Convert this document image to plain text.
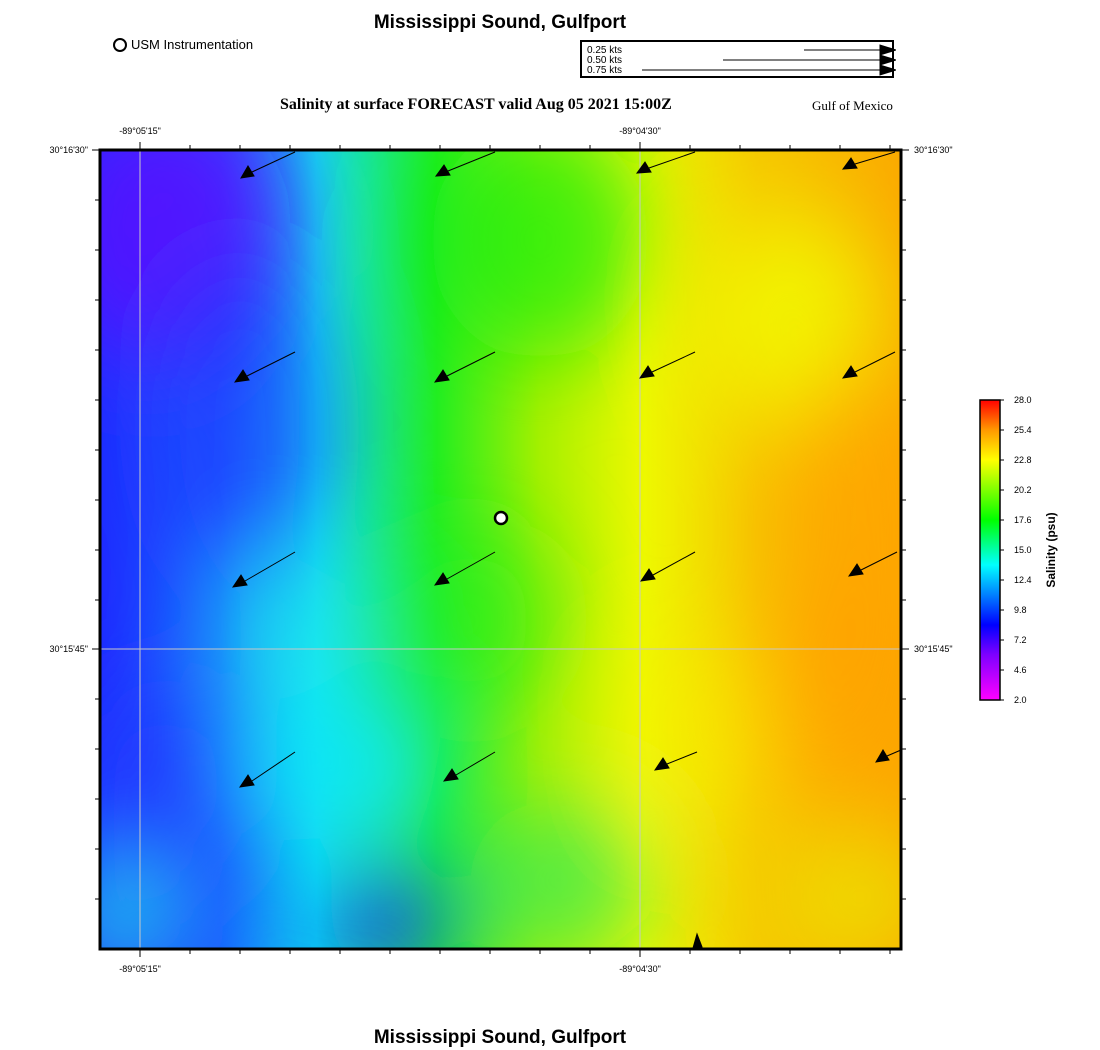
Mississippi Sound, Gulfport
USM Instrumentation	0.25 kts
0.50 kts
0.75 kts
Salinity at surface FORECAST valid Aug 05 2021 15:00Z	Gulf of Mexico
-89°05'15"	-89°04'30"
-89°05'15"	-89°04'30"
30°16'30"
30°15'45"
30°16'30"
30°15'45"
28.0
25.4
22.8
20.2
17.6
15.0
12.4
9.8
7.2
4.6
2.0
Salinity (psu)
Mississippi Sound, Gulfport
